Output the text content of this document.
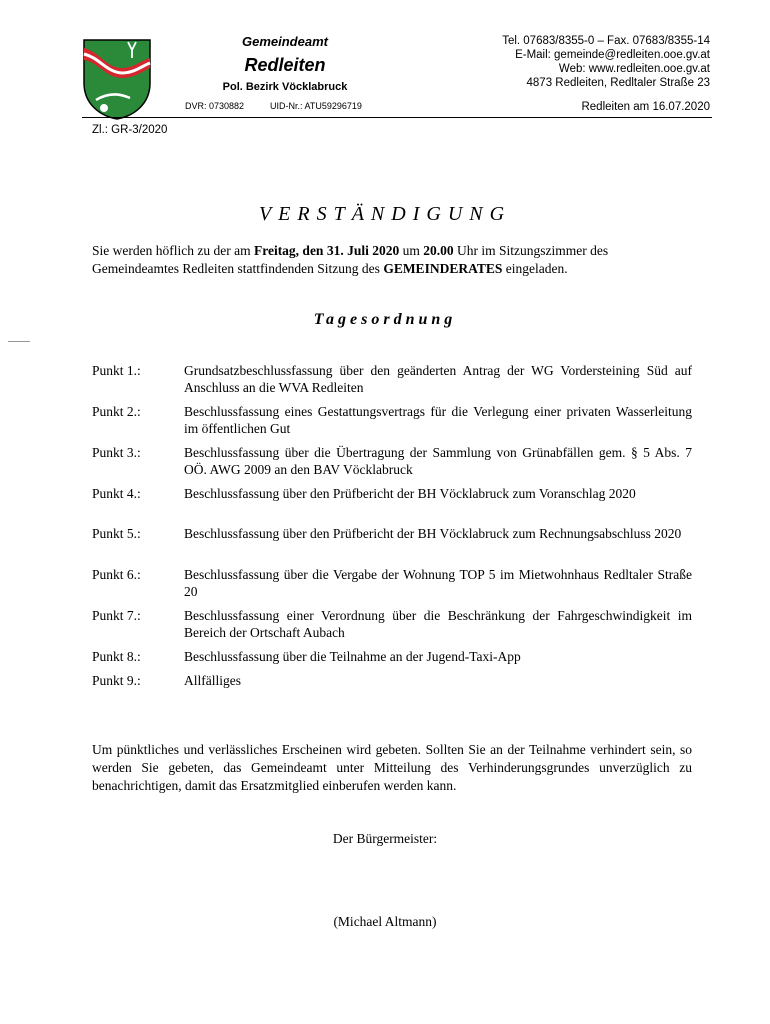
Gemeindeamt
Redleiten
Pol. Bezirk Vöcklabruck
DVR: 0730882	UID-Nr.: ATU59296719
Tel. 07683/8355-0 – Fax. 07683/8355-14
E-Mail: gemeinde@redleiten.ooe.gv.at
Web: www.redleiten.ooe.gv.at
4873 Redleiten, Redltaler Straße 23
Redleiten am 16.07.2020
Zl.: GR-3/2020
VERSTÄNDIGUNG
Sie werden höflich zu der am Freitag, den 31. Juli 2020 um 20.00 Uhr im Sitzungszimmer des Gemeindeamtes Redleiten stattfindenden Sitzung des GEMEINDERATES eingeladen.
Tagesordnung
Punkt 1.:	Grundsatzbeschlussfassung über den geänderten Antrag der WG Vordersteining Süd auf Anschluss an die WVA Redleiten
Punkt 2.:	Beschlussfassung eines Gestattungsvertrags für die Verlegung einer privaten Wasserleitung im öffentlichen Gut
Punkt 3.:	Beschlussfassung über die Übertragung der Sammlung von Grünabfällen gem. § 5 Abs. 7 OÖ. AWG 2009 an den BAV Vöcklabruck
Punkt 4.:	Beschlussfassung über den Prüfbericht der BH Vöcklabruck zum Voranschlag 2020
Punkt 5.:	Beschlussfassung über den Prüfbericht der BH Vöcklabruck zum Rechnungsabschluss 2020
Punkt 6.:	Beschlussfassung über die Vergabe der Wohnung TOP 5 im Mietwohnhaus Redltaler Straße 20
Punkt 7.:	Beschlussfassung einer Verordnung über die Beschränkung der Fahrgeschwindigkeit im Bereich der Ortschaft Aubach
Punkt 8.:	Beschlussfassung über die Teilnahme an der Jugend-Taxi-App
Punkt 9.:	Allfälliges
Um pünktliches und verlässliches Erscheinen wird gebeten. Sollten Sie an der Teilnahme verhindert sein, so werden Sie gebeten, das Gemeindeamt unter Mitteilung des Verhinderungsgrundes unverzüglich zu benachrichtigen, damit das Ersatzmitglied einberufen werden kann.
Der Bürgermeister:
(Michael Altmann)
